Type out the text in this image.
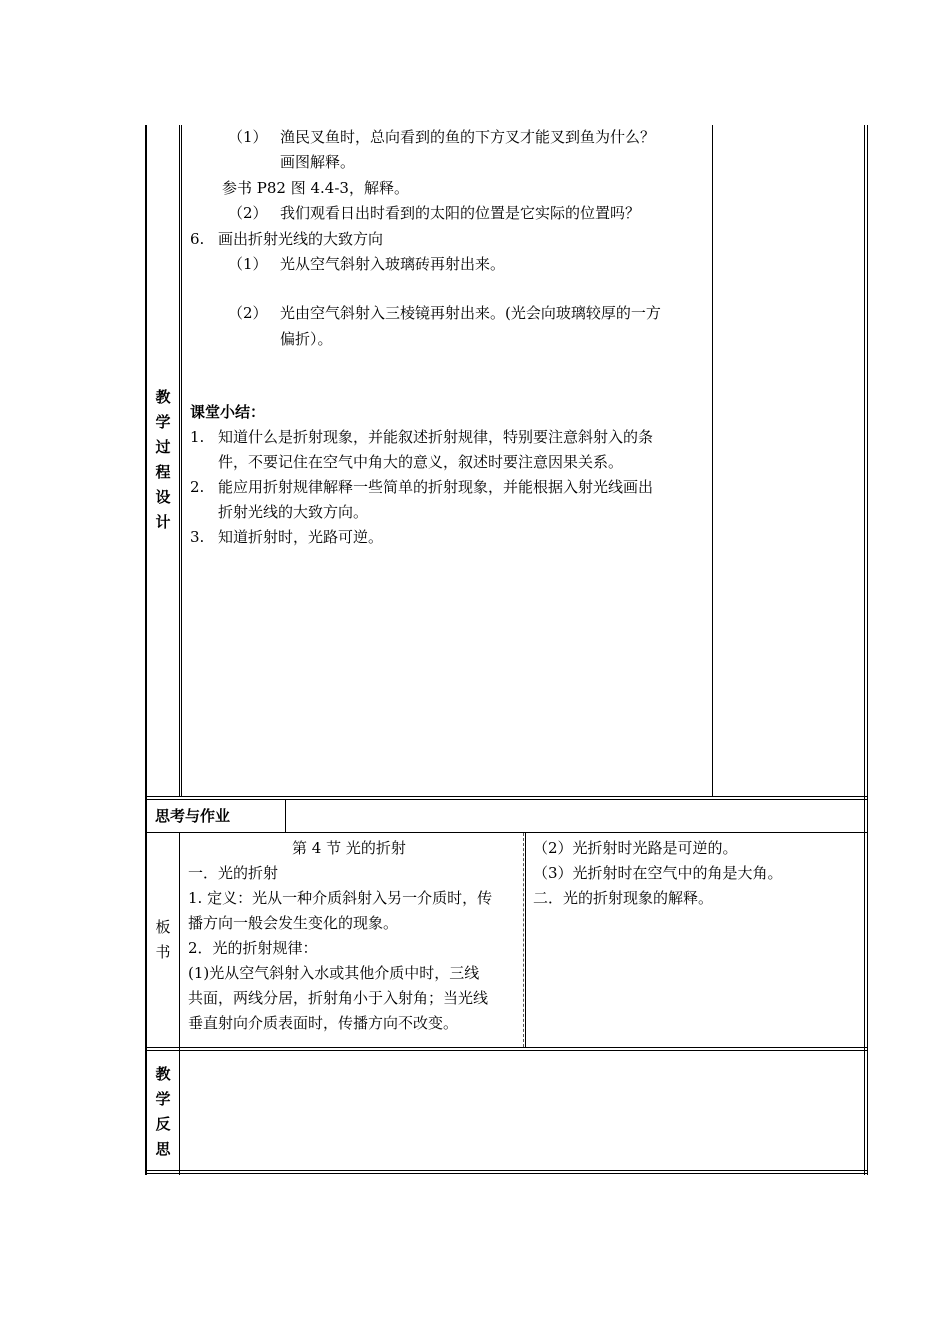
教
学
过
程
设
计
（1） 渔民叉鱼时，总向看到的鱼的下方叉才能叉到鱼为什么？
画图解释。
参书 P82 图 4.4-3，解释。
（2） 我们观看日出时看到的太阳的位置是它实际的位置吗？
6. 画出折射光线的大致方向
（1） 光从空气斜射入玻璃砖再射出来。
（2） 光由空气斜射入三棱镜再射出来。(光会向玻璃较厚的一方
偏折）。
课堂小结：
1. 知道什么是折射现象，并能叙述折射规律，特别要注意斜射入的条
件，不要记住在空气中角大的意义，叙述时要注意因果关系。
2. 能应用折射规律解释一些简单的折射现象，并能根据入射光线画出
折射光线的大致方向。
3. 知道折射时，光路可逆。
思考与作业
板
书
第 4 节 光的折射
一．光的折射
1. 定义：光从一种介质斜射入另一介质时，传
播方向一般会发生变化的现象。
2．光的折射规律：
(1)光从空气斜射入水或其他介质中时，三线
共面，两线分居，折射角小于入射角；当光线
垂直射向介质表面时，传播方向不改变。
（2）光折射时光路是可逆的。
（3）光折射时在空气中的角是大角。
二．光的折射现象的解释。
教
学
反
思
